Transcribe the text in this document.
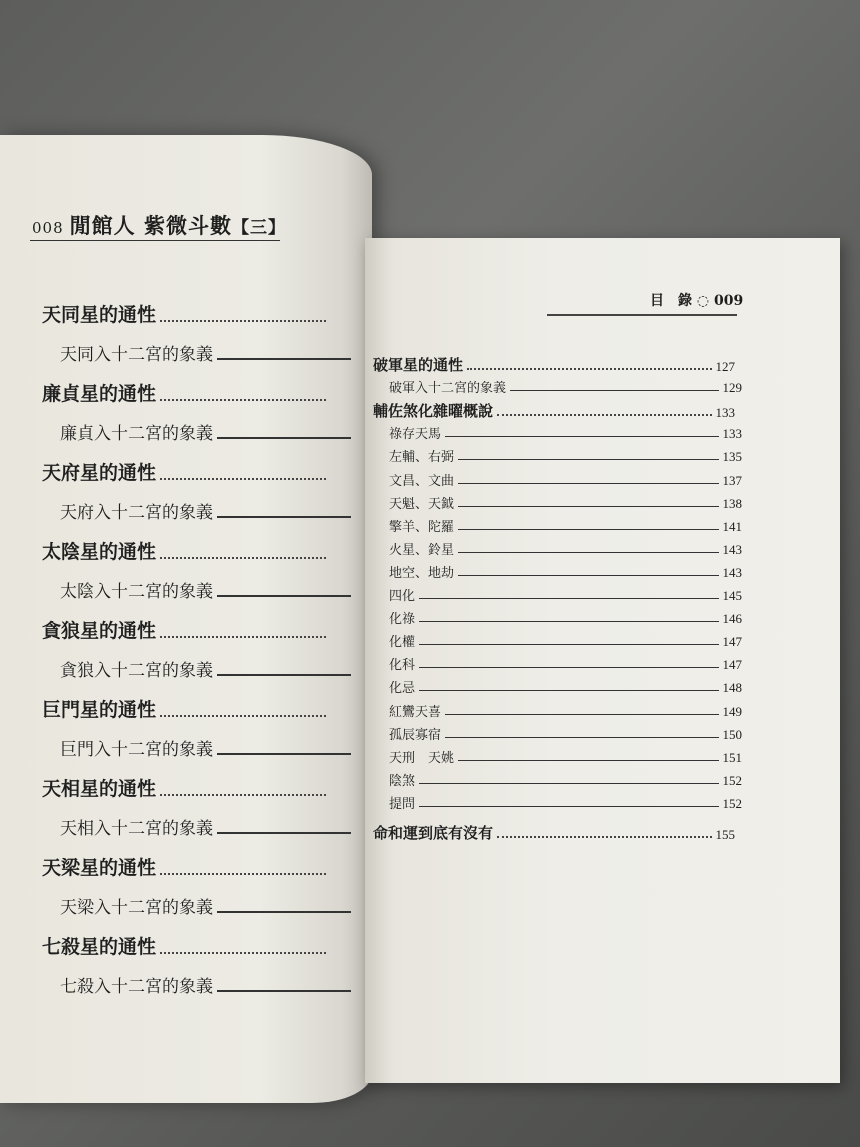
008 閒館人 紫微斗數【三】
天同星的通性
天同入十二宮的象義
廉貞星的通性
廉貞入十二宮的象義
天府星的通性
天府入十二宮的象義
太陰星的通性
太陰入十二宮的象義
貪狼星的通性
貪狼入十二宮的象義
巨門星的通性
巨門入十二宮的象義
天相星的通性
天相入十二宮的象義
天梁星的通性
天梁入十二宮的象義
七殺星的通性
七殺入十二宮的象義
目　錄 ◌ 009
破軍星的通性	127
破軍入十二宮的象義	129
輔佐煞化雜曜概說	133
祿存天馬	133
左輔、右弼	135
文昌、文曲	137
天魁、天鉞	138
擎羊、陀羅	141
火星、鈴星	143
地空、地劫	143
四化	145
化祿	146
化權	147
化科	147
化忌	148
紅鸞天喜	149
孤辰寡宿	150
天刑　天姚	151
陰煞	152
提問	152
命和運到底有沒有	155
